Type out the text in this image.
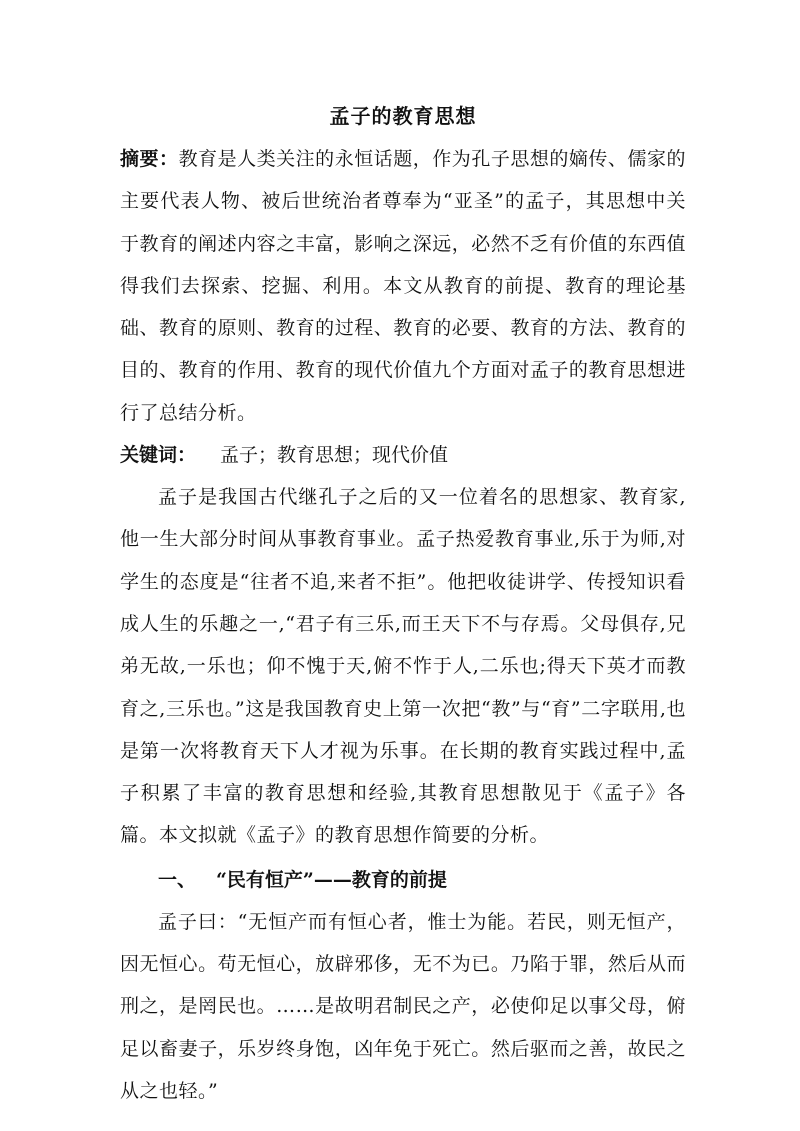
孟子的教育思想

摘要：教育是人类关注的永恒话题，作为孔子思想的嫡传、儒家的主要代表人物、被后世统治者尊奉为“亚圣”的孟子，其思想中关于教育的阐述内容之丰富，影响之深远，必然不乏有价值的东西值得我们去探索、挖掘、利用。本文从教育的前提、教育的理论基础、教育的原则、教育的过程、教育的必要、教育的方法、教育的目的、教育的作用、教育的现代价值九个方面对孟子的教育思想进行了总结分析。

关键词： 孟子；教育思想；现代价值

孟子是我国古代继孔子之后的又一位着名的思想家、教育家,他一生大部分时间从事教育事业。孟子热爱教育事业,乐于为师,对学生的态度是“往者不追,来者不拒”。他把收徒讲学、传授知识看成人生的乐趣之一,“君子有三乐,而王天下不与存焉。父母俱存,兄弟无故,一乐也；仰不愧于天,俯不怍于人,二乐也;得天下英才而教育之,三乐也。”这是我国教育史上第一次把“教”与“育”二字联用,也是第一次将教育天下人才视为乐事。在长期的教育实践过程中,孟子积累了丰富的教育思想和经验,其教育思想散见于《孟子》各篇。本文拟就《孟子》的教育思想作简要的分析。

一、 “民有恒产”——教育的前提

孟子曰：“无恒产而有恒心者，惟士为能。若民，则无恒产，因无恒心。苟无恒心，放辟邪侈，无不为已。乃陷于罪，然后从而刑之，是罔民也。……是故明君制民之产，必使仰足以事父母，俯足以畜妻子，乐岁终身饱，凶年免于死亡。然后驱而之善，故民之从之也轻。”
